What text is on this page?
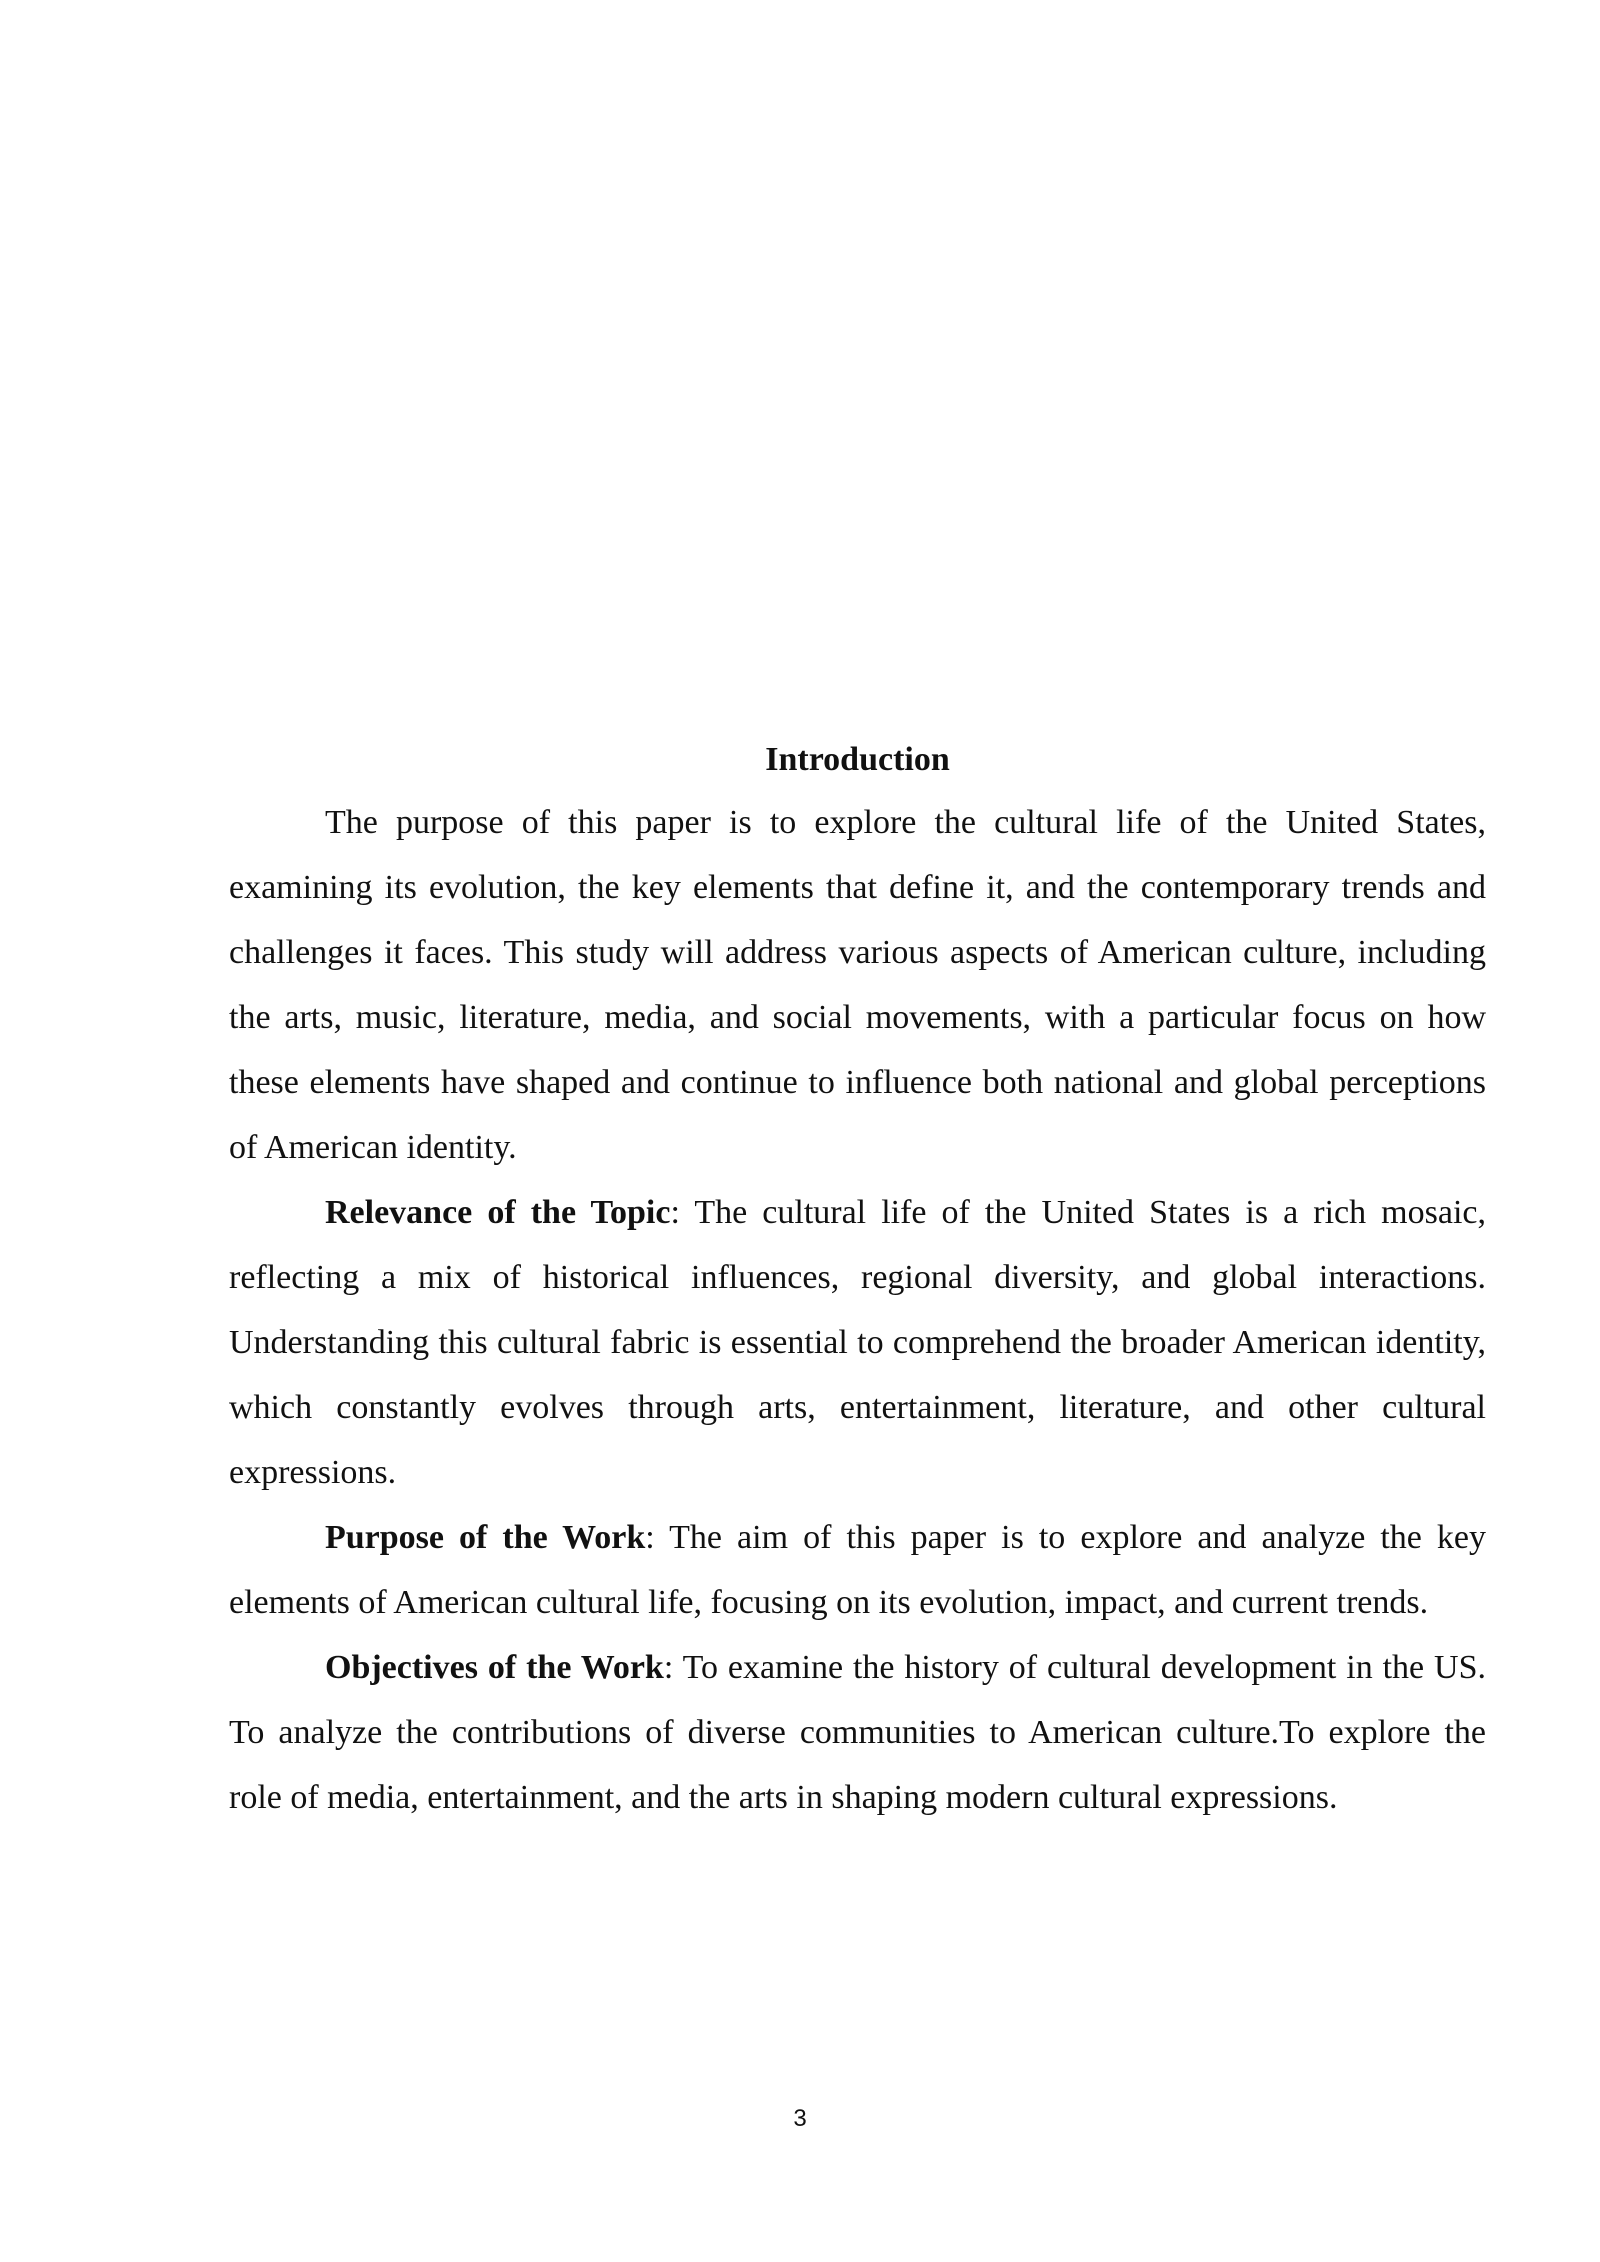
Introduction

The purpose of this paper is to explore the cultural life of the United States, examining its evolution, the key elements that define it, and the contemporary trends and challenges it faces. This study will address various aspects of American culture, including the arts, music, literature, media, and social movements, with a particular focus on how these elements have shaped and continue to influence both national and global perceptions of American identity.

Relevance of the Topic: The cultural life of the United States is a rich mosaic, reflecting a mix of historical influences, regional diversity, and global interactions. Understanding this cultural fabric is essential to comprehend the broader American identity, which constantly evolves through arts, entertainment, literature, and other cultural expressions.

Purpose of the Work: The aim of this paper is to explore and analyze the key elements of American cultural life, focusing on its evolution, impact, and current trends.

Objectives of the Work: To examine the history of cultural development in the US. To analyze the contributions of diverse communities to American culture.To explore the role of media, entertainment, and the arts in shaping modern cultural expressions.

3
